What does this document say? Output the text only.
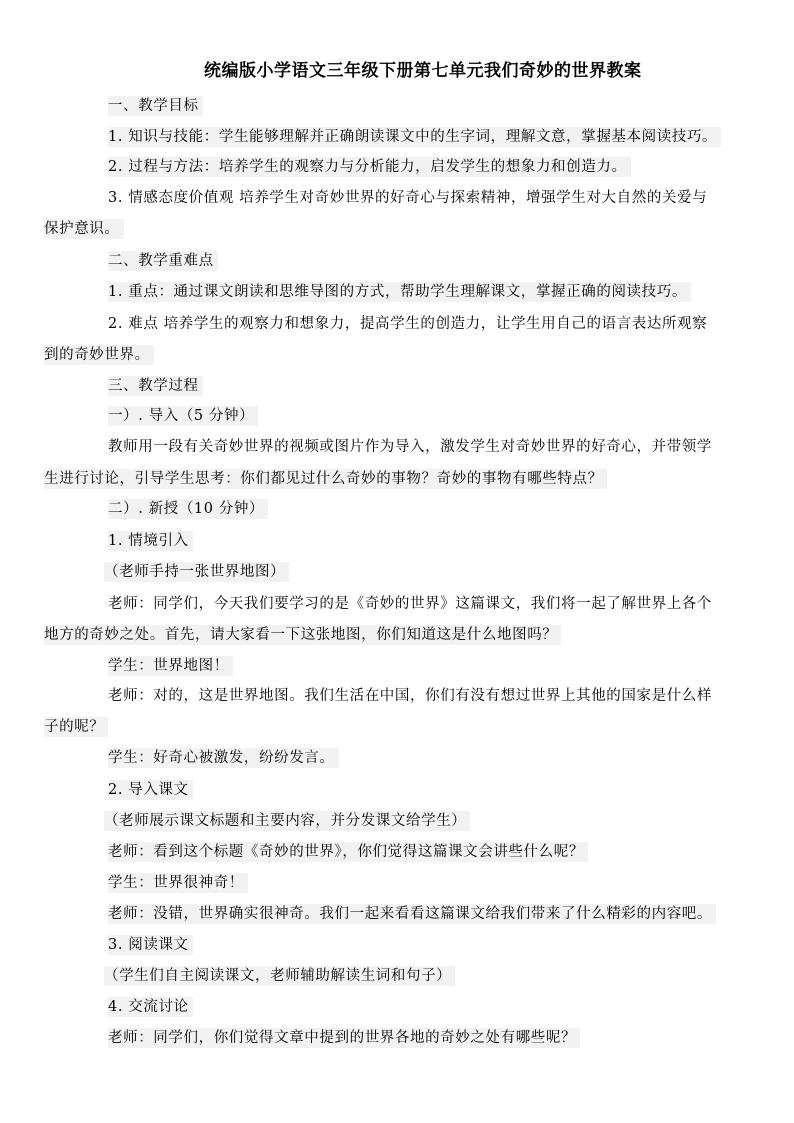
统编版小学语文三年级下册第七单元我们奇妙的世界教案
一、教学目标
1. 知识与技能：学生能够理解并正确朗读课文中的生字词，理解文意，掌握基本阅读技巧。
2. 过程与方法：培养学生的观察力与分析能力，启发学生的想象力和创造力。
3. 情感态度价值观 培养学生对奇妙世界的好奇心与探索精神，增强学生对大自然的关爱与
保护意识。
二、教学重难点
1. 重点：通过课文朗读和思维导图的方式，帮助学生理解课文，掌握正确的阅读技巧。
2. 难点 培养学生的观察力和想象力，提高学生的创造力，让学生用自己的语言表达所观察
到的奇妙世界。
三、教学过程
一）. 导入（5 分钟）
教师用一段有关奇妙世界的视频或图片作为导入，激发学生对奇妙世界的好奇心，并带领学
生进行讨论，引导学生思考：你们都见过什么奇妙的事物？奇妙的事物有哪些特点？
二）. 新授（10 分钟）
1. 情境引入
（老师手持一张世界地图）
老师：同学们，今天我们要学习的是《奇妙的世界》这篇课文，我们将一起了解世界上各个
地方的奇妙之处。首先，请大家看一下这张地图，你们知道这是什么地图吗？
学生：世界地图！
老师：对的，这是世界地图。我们生活在中国，你们有没有想过世界上其他的国家是什么样
子的呢？
学生：好奇心被激发，纷纷发言。
2. 导入课文
（老师展示课文标题和主要内容，并分发课文给学生）
老师：看到这个标题《奇妙的世界》，你们觉得这篇课文会讲些什么呢？
学生：世界很神奇！
老师：没错，世界确实很神奇。我们一起来看看这篇课文给我们带来了什么精彩的内容吧。
3. 阅读课文
（学生们自主阅读课文，老师辅助解读生词和句子）
4. 交流讨论
老师：同学们，你们觉得文章中提到的世界各地的奇妙之处有哪些呢？
